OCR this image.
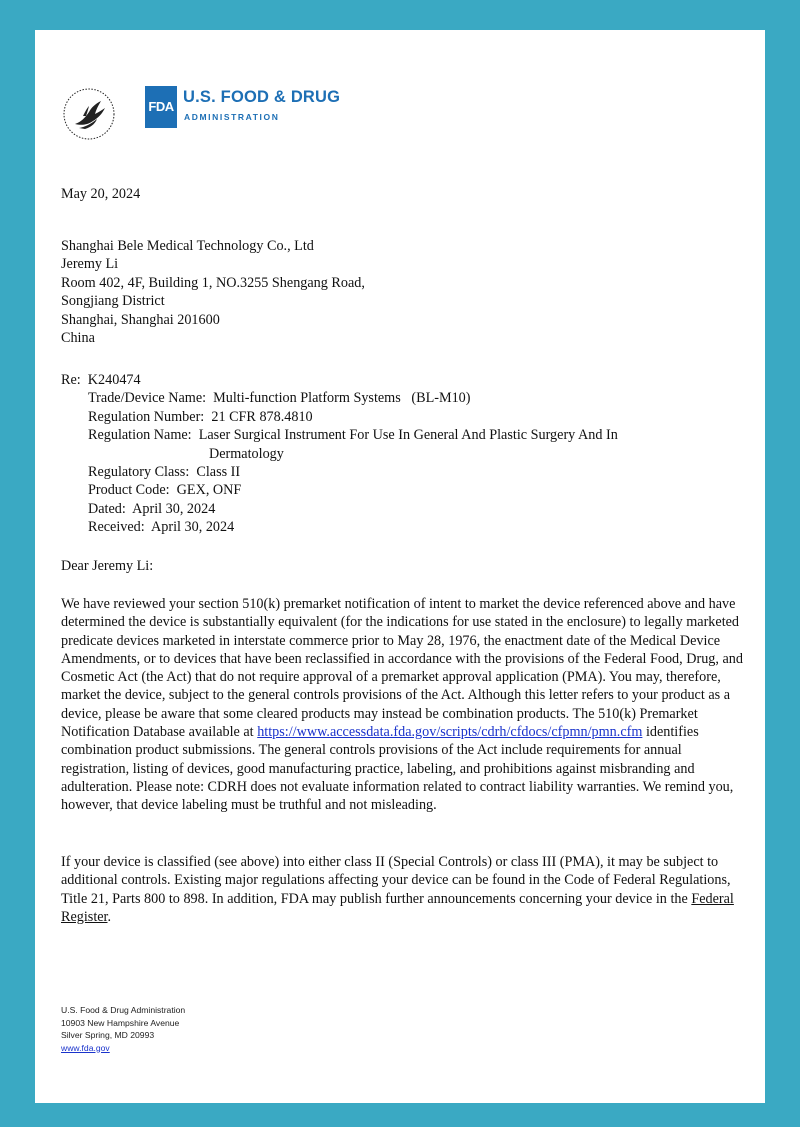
FDA
U.S. FOOD & DRUG
ADMINISTRATION
May 20, 2024
Shanghai Bele Medical Technology Co., Ltd
Jeremy Li
Room 402, 4F, Building 1, NO.3255 Shengang Road,
Songjiang District
Shanghai, Shanghai 201600
China
Re: K240474
Trade/Device Name: Multi-function Platform Systems   (BL-M10)
Regulation Number: 21 CFR 878.4810
Regulation Name: Laser Surgical Instrument For Use In General And Plastic Surgery And In
Dermatology
Regulatory Class: Class II
Product Code: GEX, ONF
Dated: April 30, 2024
Received: April 30, 2024
Dear Jeremy Li:
We have reviewed your section 510(k) premarket notification of intent to market the device referenced above and have determined the device is substantially equivalent (for the indications for use stated in the enclosure) to legally marketed predicate devices marketed in interstate commerce prior to May 28, 1976, the enactment date of the Medical Device Amendments, or to devices that have been reclassified in accordance with the provisions of the Federal Food, Drug, and Cosmetic Act (the Act) that do not require approval of a premarket approval application (PMA). You may, therefore, market the device, subject to the general controls provisions of the Act. Although this letter refers to your product as a device, please be aware that some cleared products may instead be combination products. The 510(k) Premarket Notification Database available at https://www.accessdata.fda.gov/scripts/cdrh/cfdocs/cfpmn/pmn.cfm identifies combination product submissions. The general controls provisions of the Act include requirements for annual registration, listing of devices, good manufacturing practice, labeling, and prohibitions against misbranding and adulteration. Please note: CDRH does not evaluate information related to contract liability warranties. We remind you, however, that device labeling must be truthful and not misleading.
If your device is classified (see above) into either class II (Special Controls) or class III (PMA), it may be subject to additional controls. Existing major regulations affecting your device can be found in the Code of Federal Regulations, Title 21, Parts 800 to 898. In addition, FDA may publish further announcements concerning your device in the Federal Register.
U.S. Food & Drug Administration
10903 New Hampshire Avenue
Silver Spring, MD 20993
www.fda.gov
